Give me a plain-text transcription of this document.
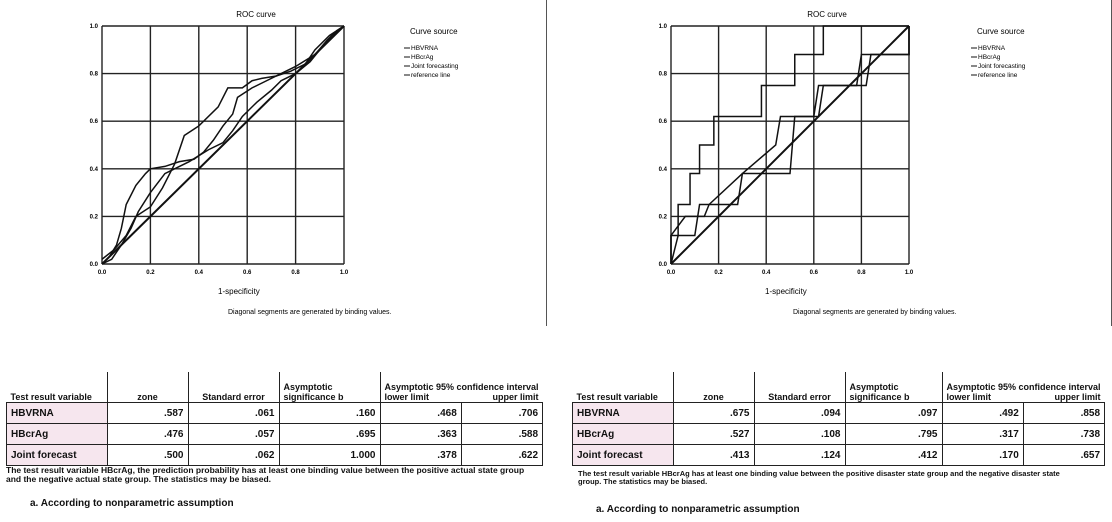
ROC curve
Curve source
1-specificity
Diagonal segments are generated by binding values.
0.0
0.0
0.2
0.2
0.4
0.4
0.6
0.6
0.8
0.8
1.0
1.0
HBVRNA
HBcrAg
Joint forecasting
reference line
ROC curve
Curve source
1-specificity
Diagonal segments are generated by binding values.
0.0
0.0
0.2
0.2
0.4
0.4
0.6
0.6
0.8
0.8
1.0
1.0
HBVRNA
HBcrAg
Joint forecasting
reference line
Test result variable	zone	Standard error	Asymptotic significance b	Asymptotic 95% confidence interval
lower limit upper limit	

HBVRNA	.587	.061	.160	.468	.706
HBcrAg	.476	.057	.695	.363	.588
Joint forecast	.500	.062	1.000	.378	.622
The test result variable HBcrAg, the prediction probability has at least one binding value between the positive actual state group and the negative actual state group. The statistics may be biased.
a. According to nonparametric assumption
Test result variable	zone	Standard error	Asymptotic significance b	Asymptotic 95% confidence interval
lower limit upper limit	

HBVRNA	.675	.094	.097	.492	.858
HBcrAg	.527	.108	.795	.317	.738
Joint forecast	.413	.124	.412	.170	.657
The test result variable HBcrAg has at least one binding value between the positive disaster state group and the negative disaster state group. The statistics may be biased.
a. According to nonparametric assumption
